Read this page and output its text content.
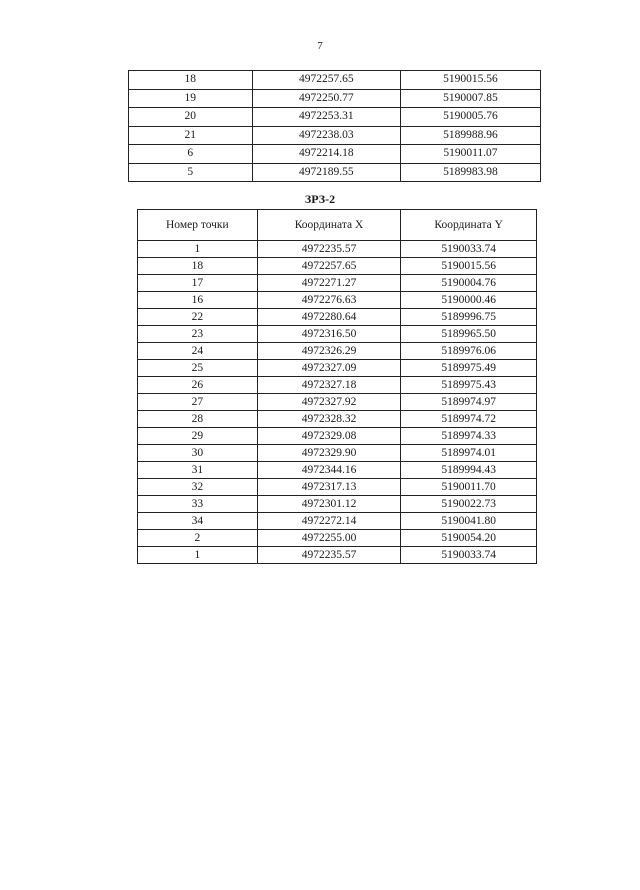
7
18	4972257.65	5190015.56
19	4972250.77	5190007.85
20	4972253.31	5190005.76
21	4972238.03	5189988.96
6	4972214.18	5190011.07
5	4972189.55	5189983.98
ЗРЗ-2
Номер точки	Координата X	Координата Y
1	4972235.57	5190033.74
18	4972257.65	5190015.56
17	4972271.27	5190004.76
16	4972276.63	5190000.46
22	4972280.64	5189996.75
23	4972316.50	5189965.50
24	4972326.29	5189976.06
25	4972327.09	5189975.49
26	4972327.18	5189975.43
27	4972327.92	5189974.97
28	4972328.32	5189974.72
29	4972329.08	5189974.33
30	4972329.90	5189974.01
31	4972344.16	5189994.43
32	4972317.13	5190011.70
33	4972301.12	5190022.73
34	4972272.14	5190041.80
2	4972255.00	5190054.20
1	4972235.57	5190033.74
